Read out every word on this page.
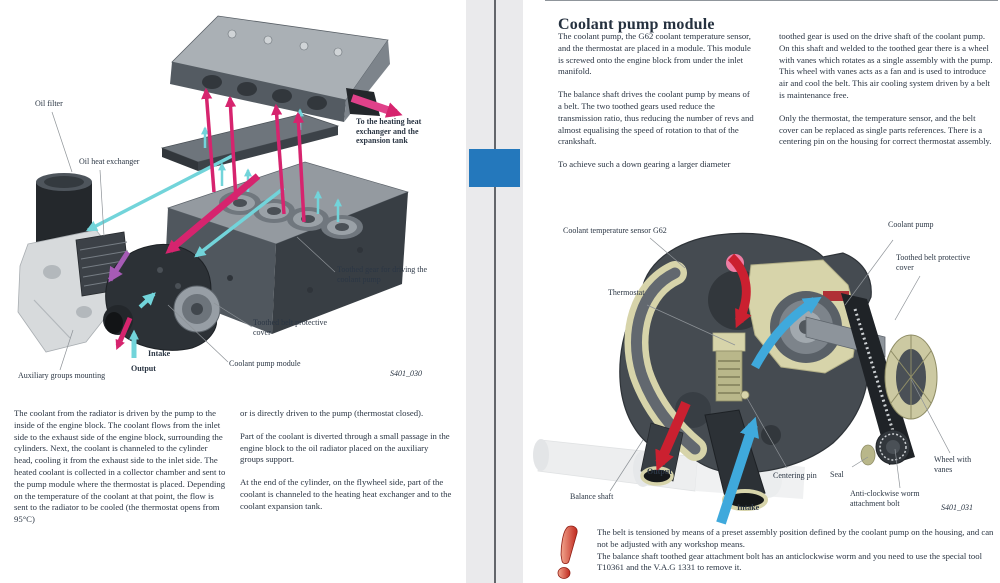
Oil filter
Oil heat exchanger
To the heating heat exchanger and the expansion tank
Toothed gear for driving the coolant pump
Toothed belt protective cover
Intake
Output
Coolant pump module
Auxiliary groups mounting	S401_030

The coolant from the radiator is driven by the pump to the inside of the engine block. The coolant flows from the inlet side to the exhaust side of the engine block, surrounding the cylinders. Next, the coolant is channeled to the cylinder head, cooling it from the exhaust side to the inlet side. The heated coolant is collected in a collector chamber and sent to the pump module where the thermostat is placed. Depending on the temperature of the coolant at that point, the flow is sent to the radiator to be cooled (the thermostat opens from 95°C)

or is directly driven to the pump (thermostat closed).

Part of the coolant is diverted through a small passage in the engine block to the oil radiator placed on the auxiliary groups support.

At the end of the cylinder, on the flywheel side, part of the coolant is channeled to the heating heat exchanger and to the coolant expansion tank.

Coolant pump module

The coolant pump, the G62 coolant temperature sensor, and the thermostat are placed in a module. This module is screwed onto the engine block from under the inlet manifold.

The balance shaft drives the coolant pump by means of a belt. The two toothed gears used reduce the transmission ratio, thus reducing the number of revs and almost equalising the speed of rotation to that of the crankshaft.

To achieve such a down gearing a larger diameter

toothed gear is used on the drive shaft of the coolant pump. On this shaft and welded to the toothed gear there is a wheel with vanes which rotates as a single assembly with the pump. This wheel with vanes acts as a fan and is used to introduce air and cool the belt. This air cooling system driven by a belt is maintenance free.

Only the thermostat, the temperature sensor, and the belt cover can be replaced as single parts references. There is a centering pin on the housing for correct thermostat assembly.

Coolant temperature sensor G62
Coolant pump
Toothed belt protective cover
Thermostat
Wheel with vanes
Seal
Anti-clockwise worm attachment bolt
Centering pin
Output
Intake
Balance shaft
S401_031

The belt is tensioned by means of a preset assembly position defined by the coolant pump on the housing, and can not be adjusted with any workshop means.

The balance shaft toothed gear attachment bolt has an anticlockwise worm and you need to use the special tool T10361 and the V.A.G 1331 to remove it.
